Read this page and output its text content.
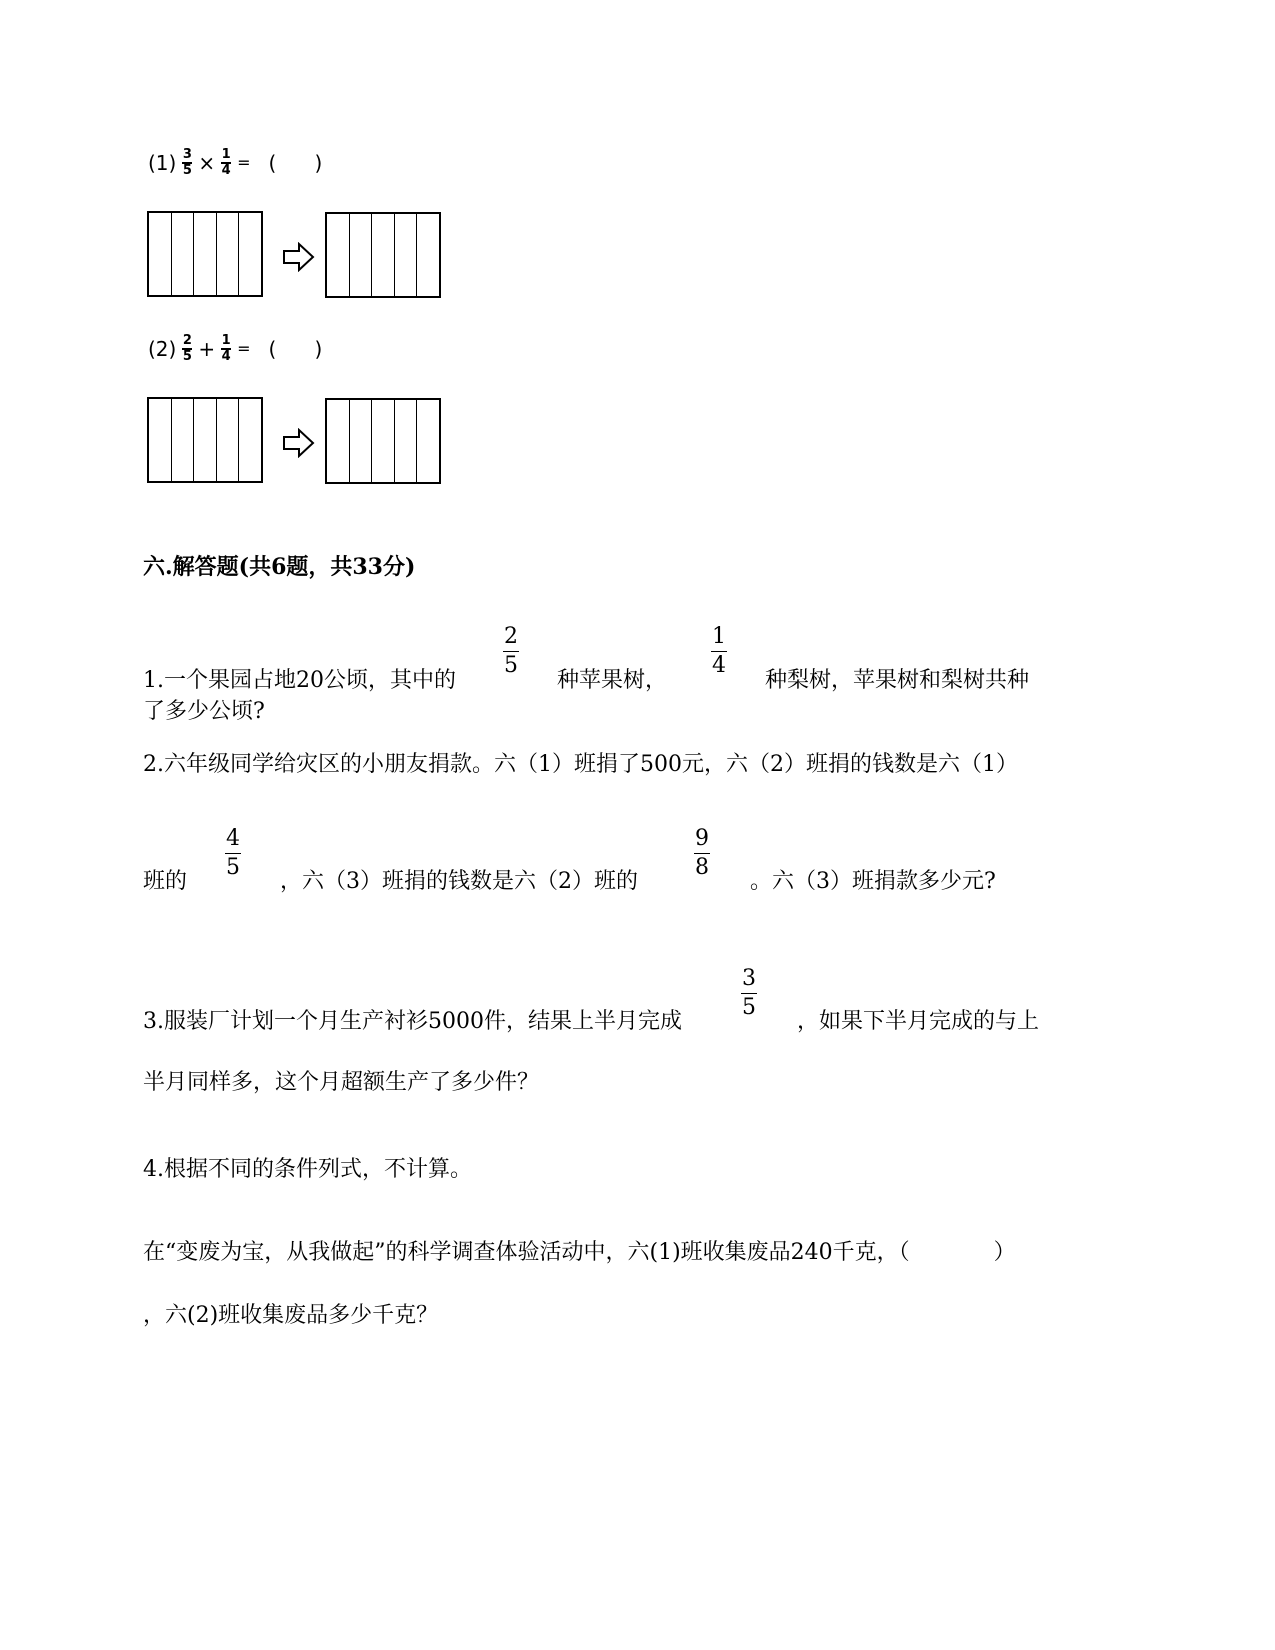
$(1) \frac{3}{5} \times \frac{1}{4}$ = (      )
$(2) \frac{2}{5} + \frac{1}{4}$ = (      )
六.解答题(共6题，共33分)
1.一个果园占地20公顷，其中的
2
5
种苹果树，
1
4
种梨树，苹果树和梨树共种
了多少公顷?
2.六年级同学给灾区的小朋友捐款。六（1）班捐了500元，六（2）班捐的钱数是六（1）
班的
4
5
，六（3）班捐的钱数是六（2）班的
9
8
。六（3）班捐款多少元?
3.服装厂计划一个月生产衬衫5000件，结果上半月完成
3
5
，如果下半月完成的与上
半月同样多，这个月超额生产了多少件？
4.根据不同的条件列式，不计算。
在“变废为宝，从我做起”的科学调查体验活动中，六(1)班收集废品240千克，（            ）
，六(2)班收集废品多少千克？
